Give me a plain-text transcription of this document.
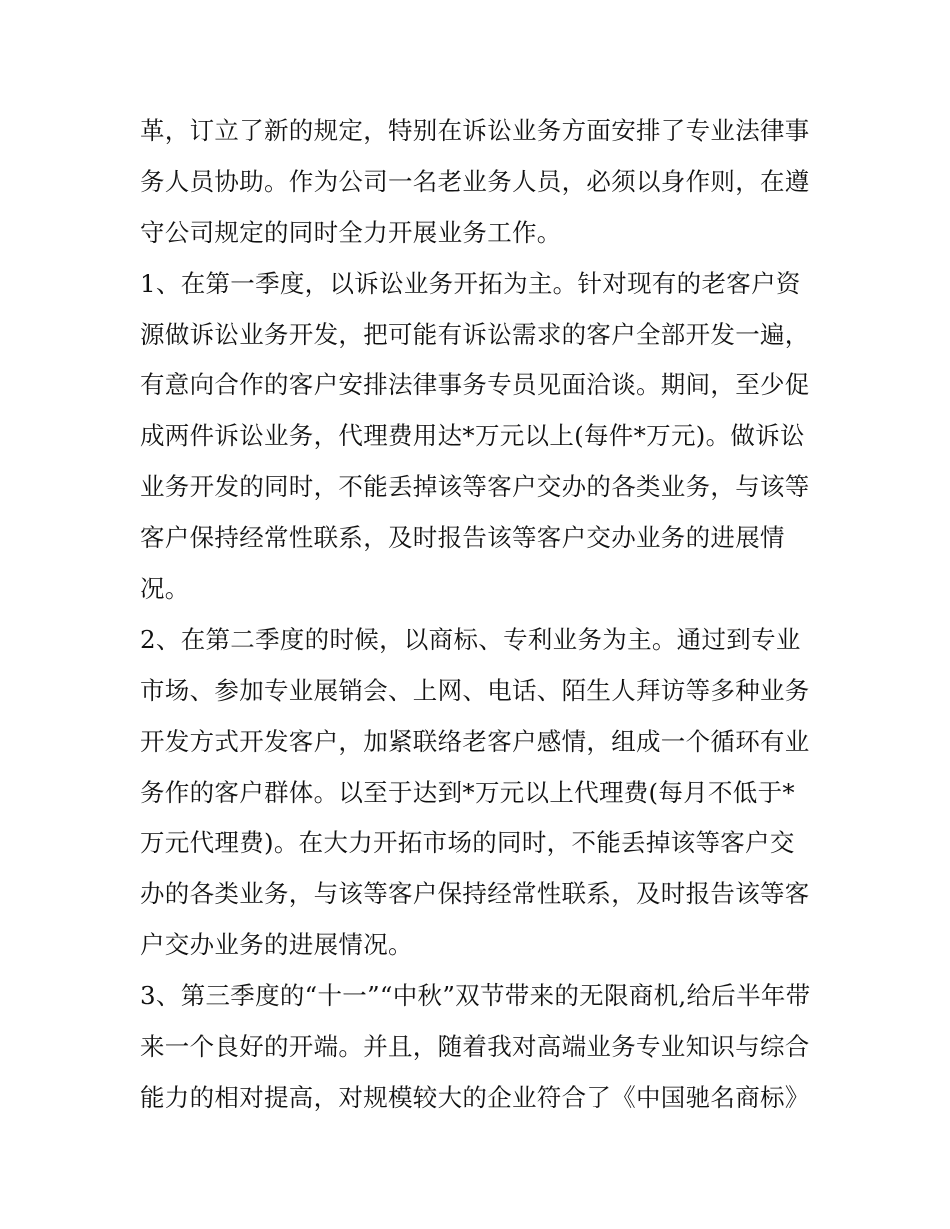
革，订立了新的规定，特别在诉讼业务方面安排了专业法律事
务人员协助。作为公司一名老业务人员，必须以身作则，在遵
守公司规定的同时全力开展业务工作。
1、在第一季度，以诉讼业务开拓为主。针对现有的老客户资
源做诉讼业务开发，把可能有诉讼需求的客户全部开发一遍，
有意向合作的客户安排法律事务专员见面洽谈。期间，至少促
成两件诉讼业务，代理费用达*万元以上(每件*万元)。做诉讼
业务开发的同时，不能丢掉该等客户交办的各类业务，与该等
客户保持经常性联系，及时报告该等客户交办业务的进展情
况。
2、在第二季度的时候，以商标、专利业务为主。通过到专业
市场、参加专业展销会、上网、电话、陌生人拜访等多种业务
开发方式开发客户，加紧联络老客户感情，组成一个循环有业
务作的客户群体。以至于达到*万元以上代理费(每月不低于*
万元代理费)。在大力开拓市场的同时，不能丢掉该等客户交
办的各类业务，与该等客户保持经常性联系，及时报告该等客
户交办业务的进展情况。
3、第三季度的“十一”“中秋”双节带来的无限商机,给后半年带
来一个良好的开端。并且，随着我对高端业务专业知识与综合
能力的相对提高，对规模较大的企业符合了《中国驰名商标》
